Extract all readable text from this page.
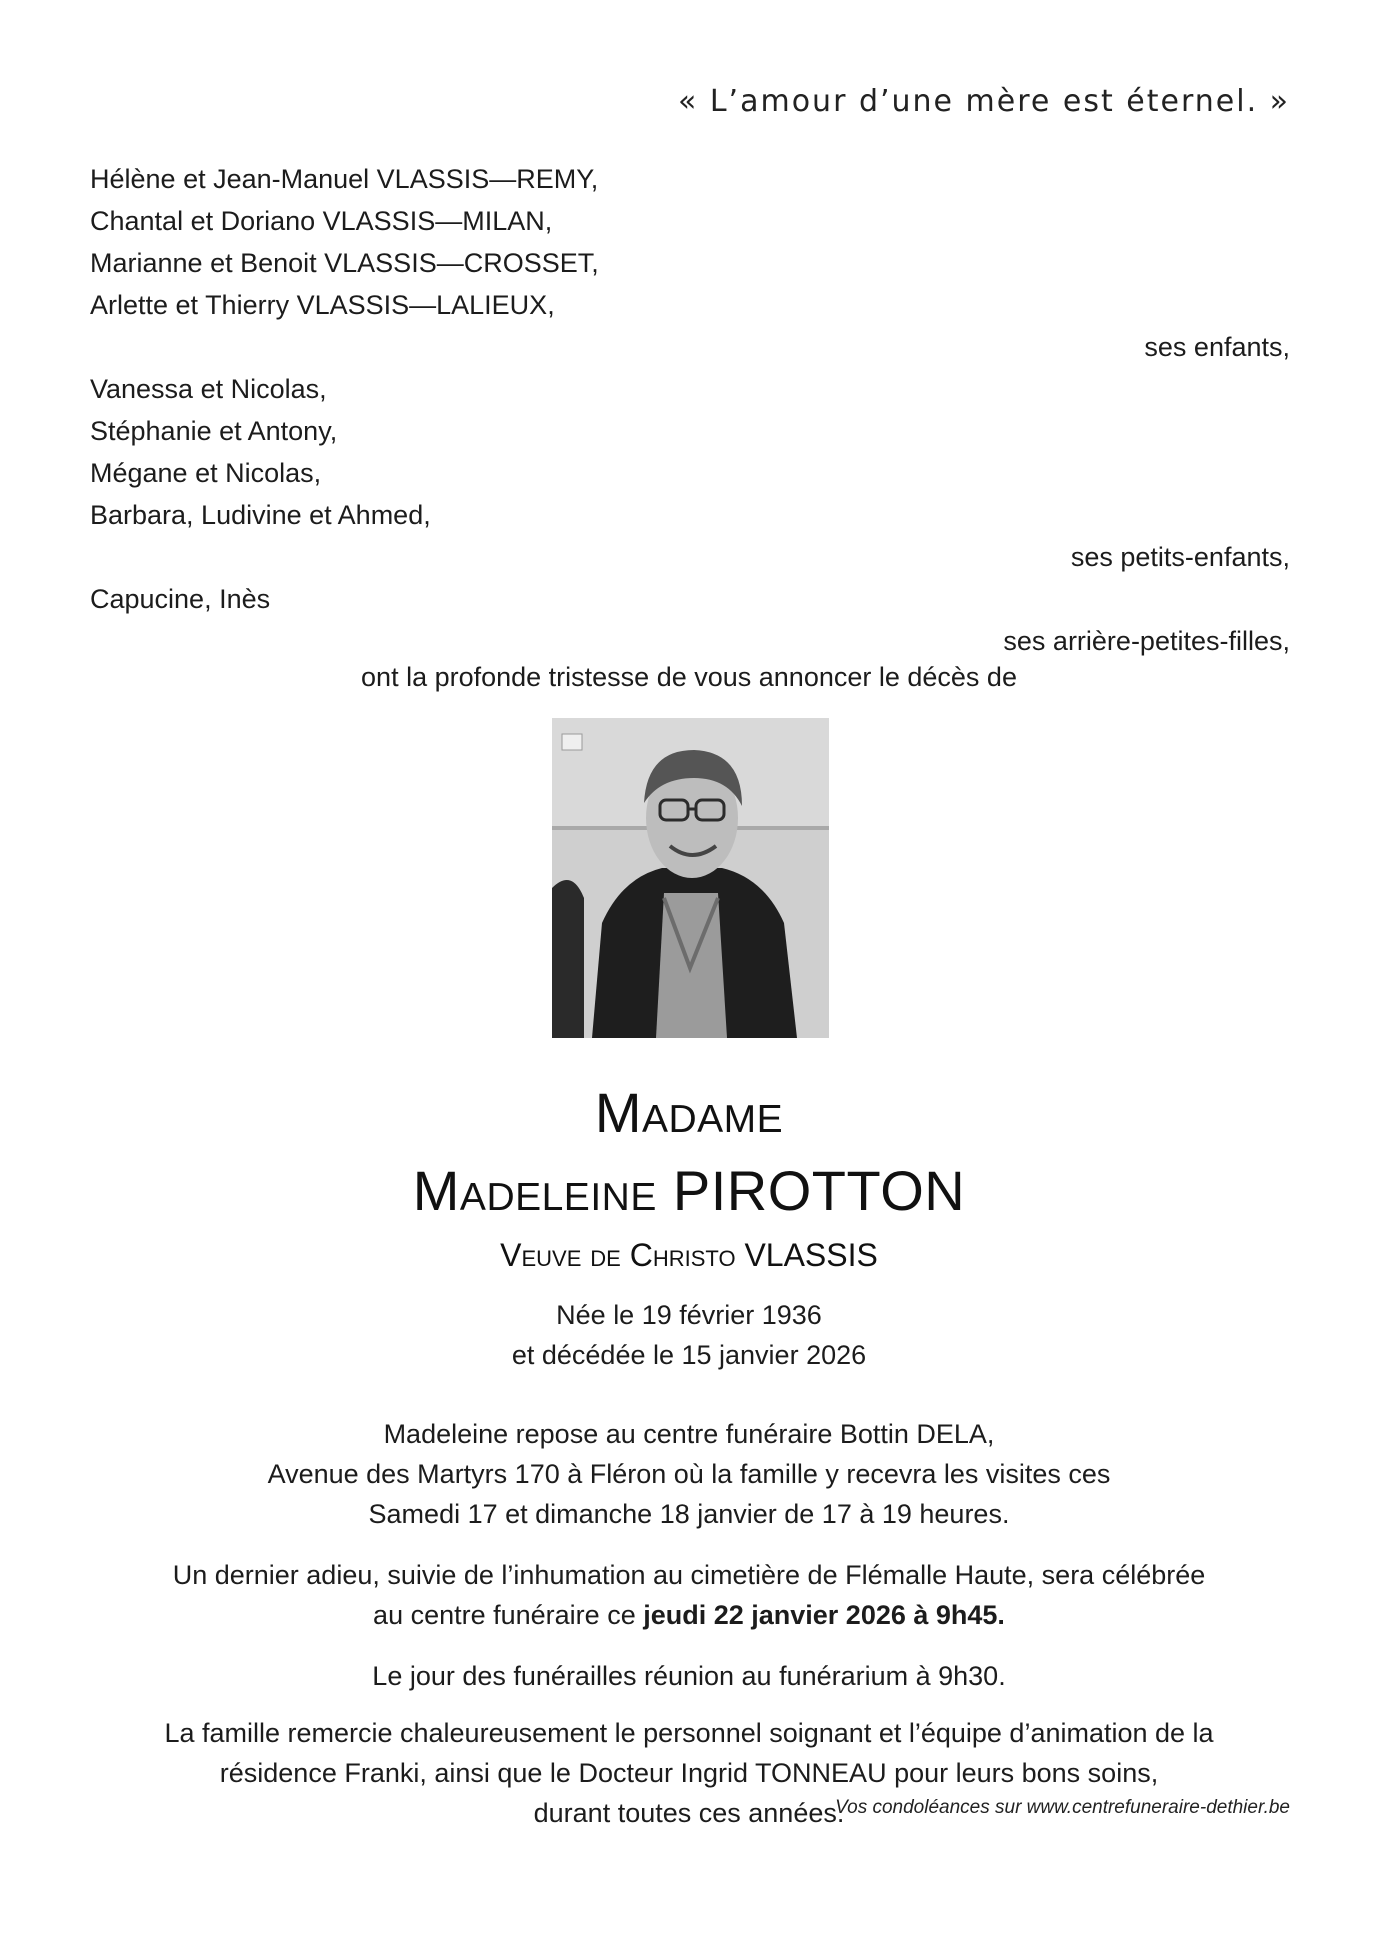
« L’amour d’une mère est éternel. »
Hélène et Jean-Manuel VLASSIS—REMY,
Chantal et Doriano VLASSIS—MILAN,
Marianne et Benoit VLASSIS—CROSSET,
Arlette et Thierry VLASSIS—LALIEUX,
ses enfants,
Vanessa et Nicolas,
Stéphanie et Antony,
Mégane et Nicolas,
Barbara, Ludivine et Ahmed,
ses petits-enfants,
Capucine, Inès
ses arrière-petites-filles,
ont la profonde tristesse de vous annoncer le décès de
Madame
Madeleine PIROTTON
Veuve de Christo VLASSIS
Née le 19 février 1936
et décédée le 15 janvier 2026
Madeleine repose au centre funéraire Bottin DELA,
Avenue des Martyrs 170 à Fléron où la famille y recevra les visites ces
Samedi 17 et dimanche 18 janvier de 17 à 19 heures.
Un dernier adieu, suivie de l’inhumation au cimetière de Flémalle Haute, sera célébrée
au centre funéraire ce jeudi 22 janvier 2026 à 9h45.
Le jour des funérailles réunion au funérarium à 9h30.
La famille remercie chaleureusement le personnel soignant et l’équipe d’animation de la
résidence Franki, ainsi que le Docteur Ingrid TONNEAU pour leurs bons soins,
durant toutes ces années.
Vos condoléances sur www.centrefuneraire-dethier.be
